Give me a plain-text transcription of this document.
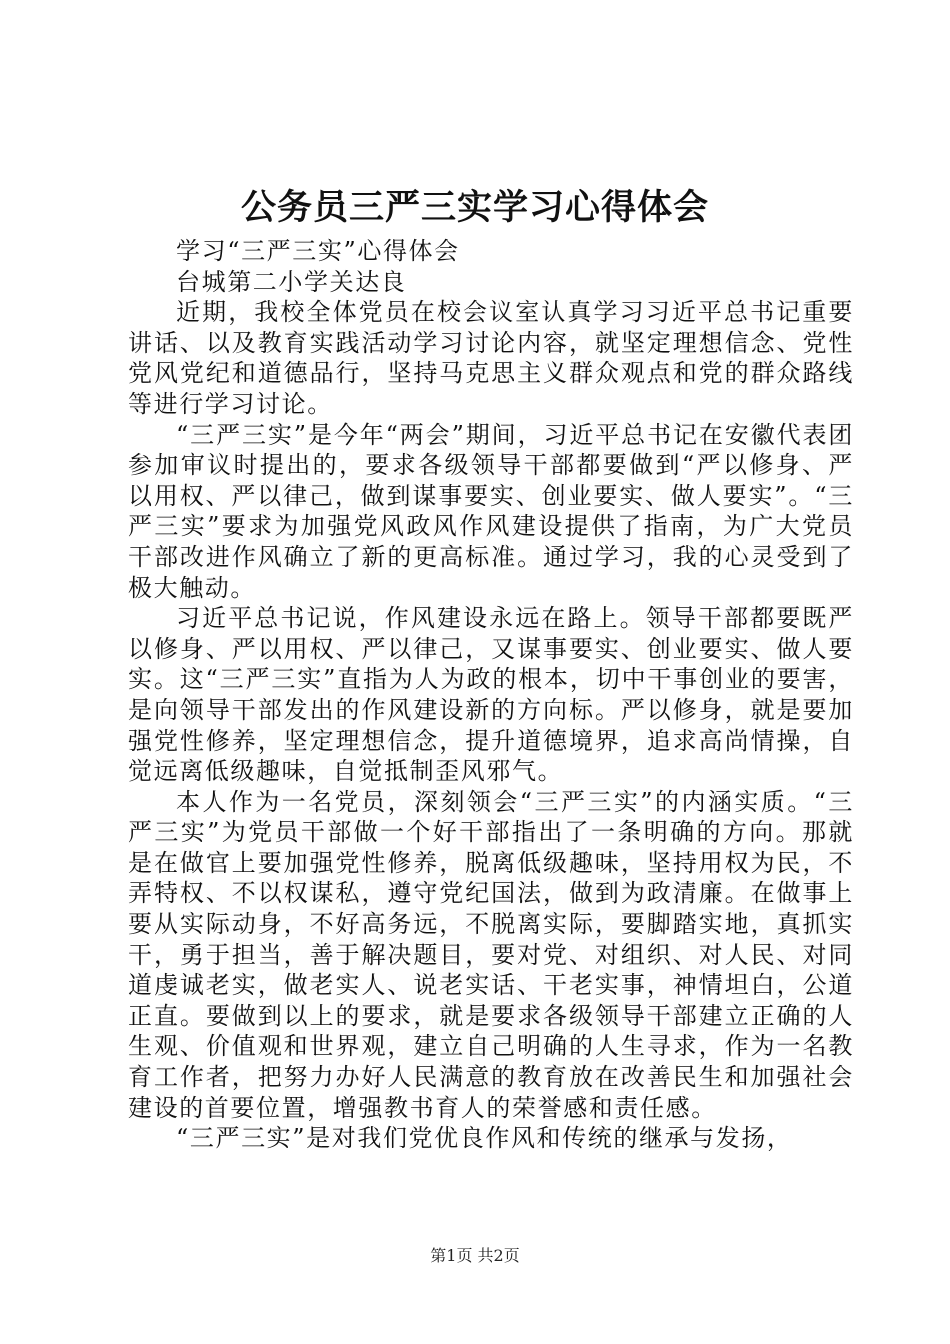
公务员三严三实学习心得体会

学习“三严三实”心得体会

台城第二小学关达良

近期，我校全体党员在校会议室认真学习习近平总书记重要讲话、以及教育实践活动学习讨论内容，就坚定理想信念、党性党风党纪和道德品行，坚持马克思主义群众观点和党的群众路线等进行学习讨论。

“三严三实”是今年“两会”期间，习近平总书记在安徽代表团参加审议时提出的，要求各级领导干部都要做到“严以修身、严以用权、严以律己，做到谋事要实、创业要实、做人要实”。“三严三实”要求为加强党风政风作风建设提供了指南，为广大党员干部改进作风确立了新的更高标准。通过学习，我的心灵受到了极大触动。

习近平总书记说，作风建设永远在路上。领导干部都要既严以修身、严以用权、严以律己，又谋事要实、创业要实、做人要实。这“三严三实”直指为人为政的根本，切中干事创业的要害，是向领导干部发出的作风建设新的方向标。严以修身，就是要加强党性修养，坚定理想信念，提升道德境界，追求高尚情操，自觉远离低级趣味，自觉抵制歪风邪气。

本人作为一名党员，深刻领会“三严三实”的内涵实质。“三严三实”为党员干部做一个好干部指出了一条明确的方向。那就是在做官上要加强党性修养，脱离低级趣味，坚持用权为民，不弄特权、不以权谋私，遵守党纪国法，做到为政清廉。在做事上要从实际动身，不好高务远，不脱离实际，要脚踏实地，真抓实干，勇于担当，善于解决题目，要对党、对组织、对人民、对同道虔诚老实，做老实人、说老实话、干老实事，神情坦白，公道正直。要做到以上的要求，就是要求各级领导干部建立正确的人生观、价值观和世界观，建立自己明确的人生寻求，作为一名教育工作者，把努力办好人民满意的教育放在改善民生和加强社会建设的首要位置，增强教书育人的荣誉感和责任感。

“三严三实”是对我们党优良作风和传统的继承与发扬，

第1页 共2页
